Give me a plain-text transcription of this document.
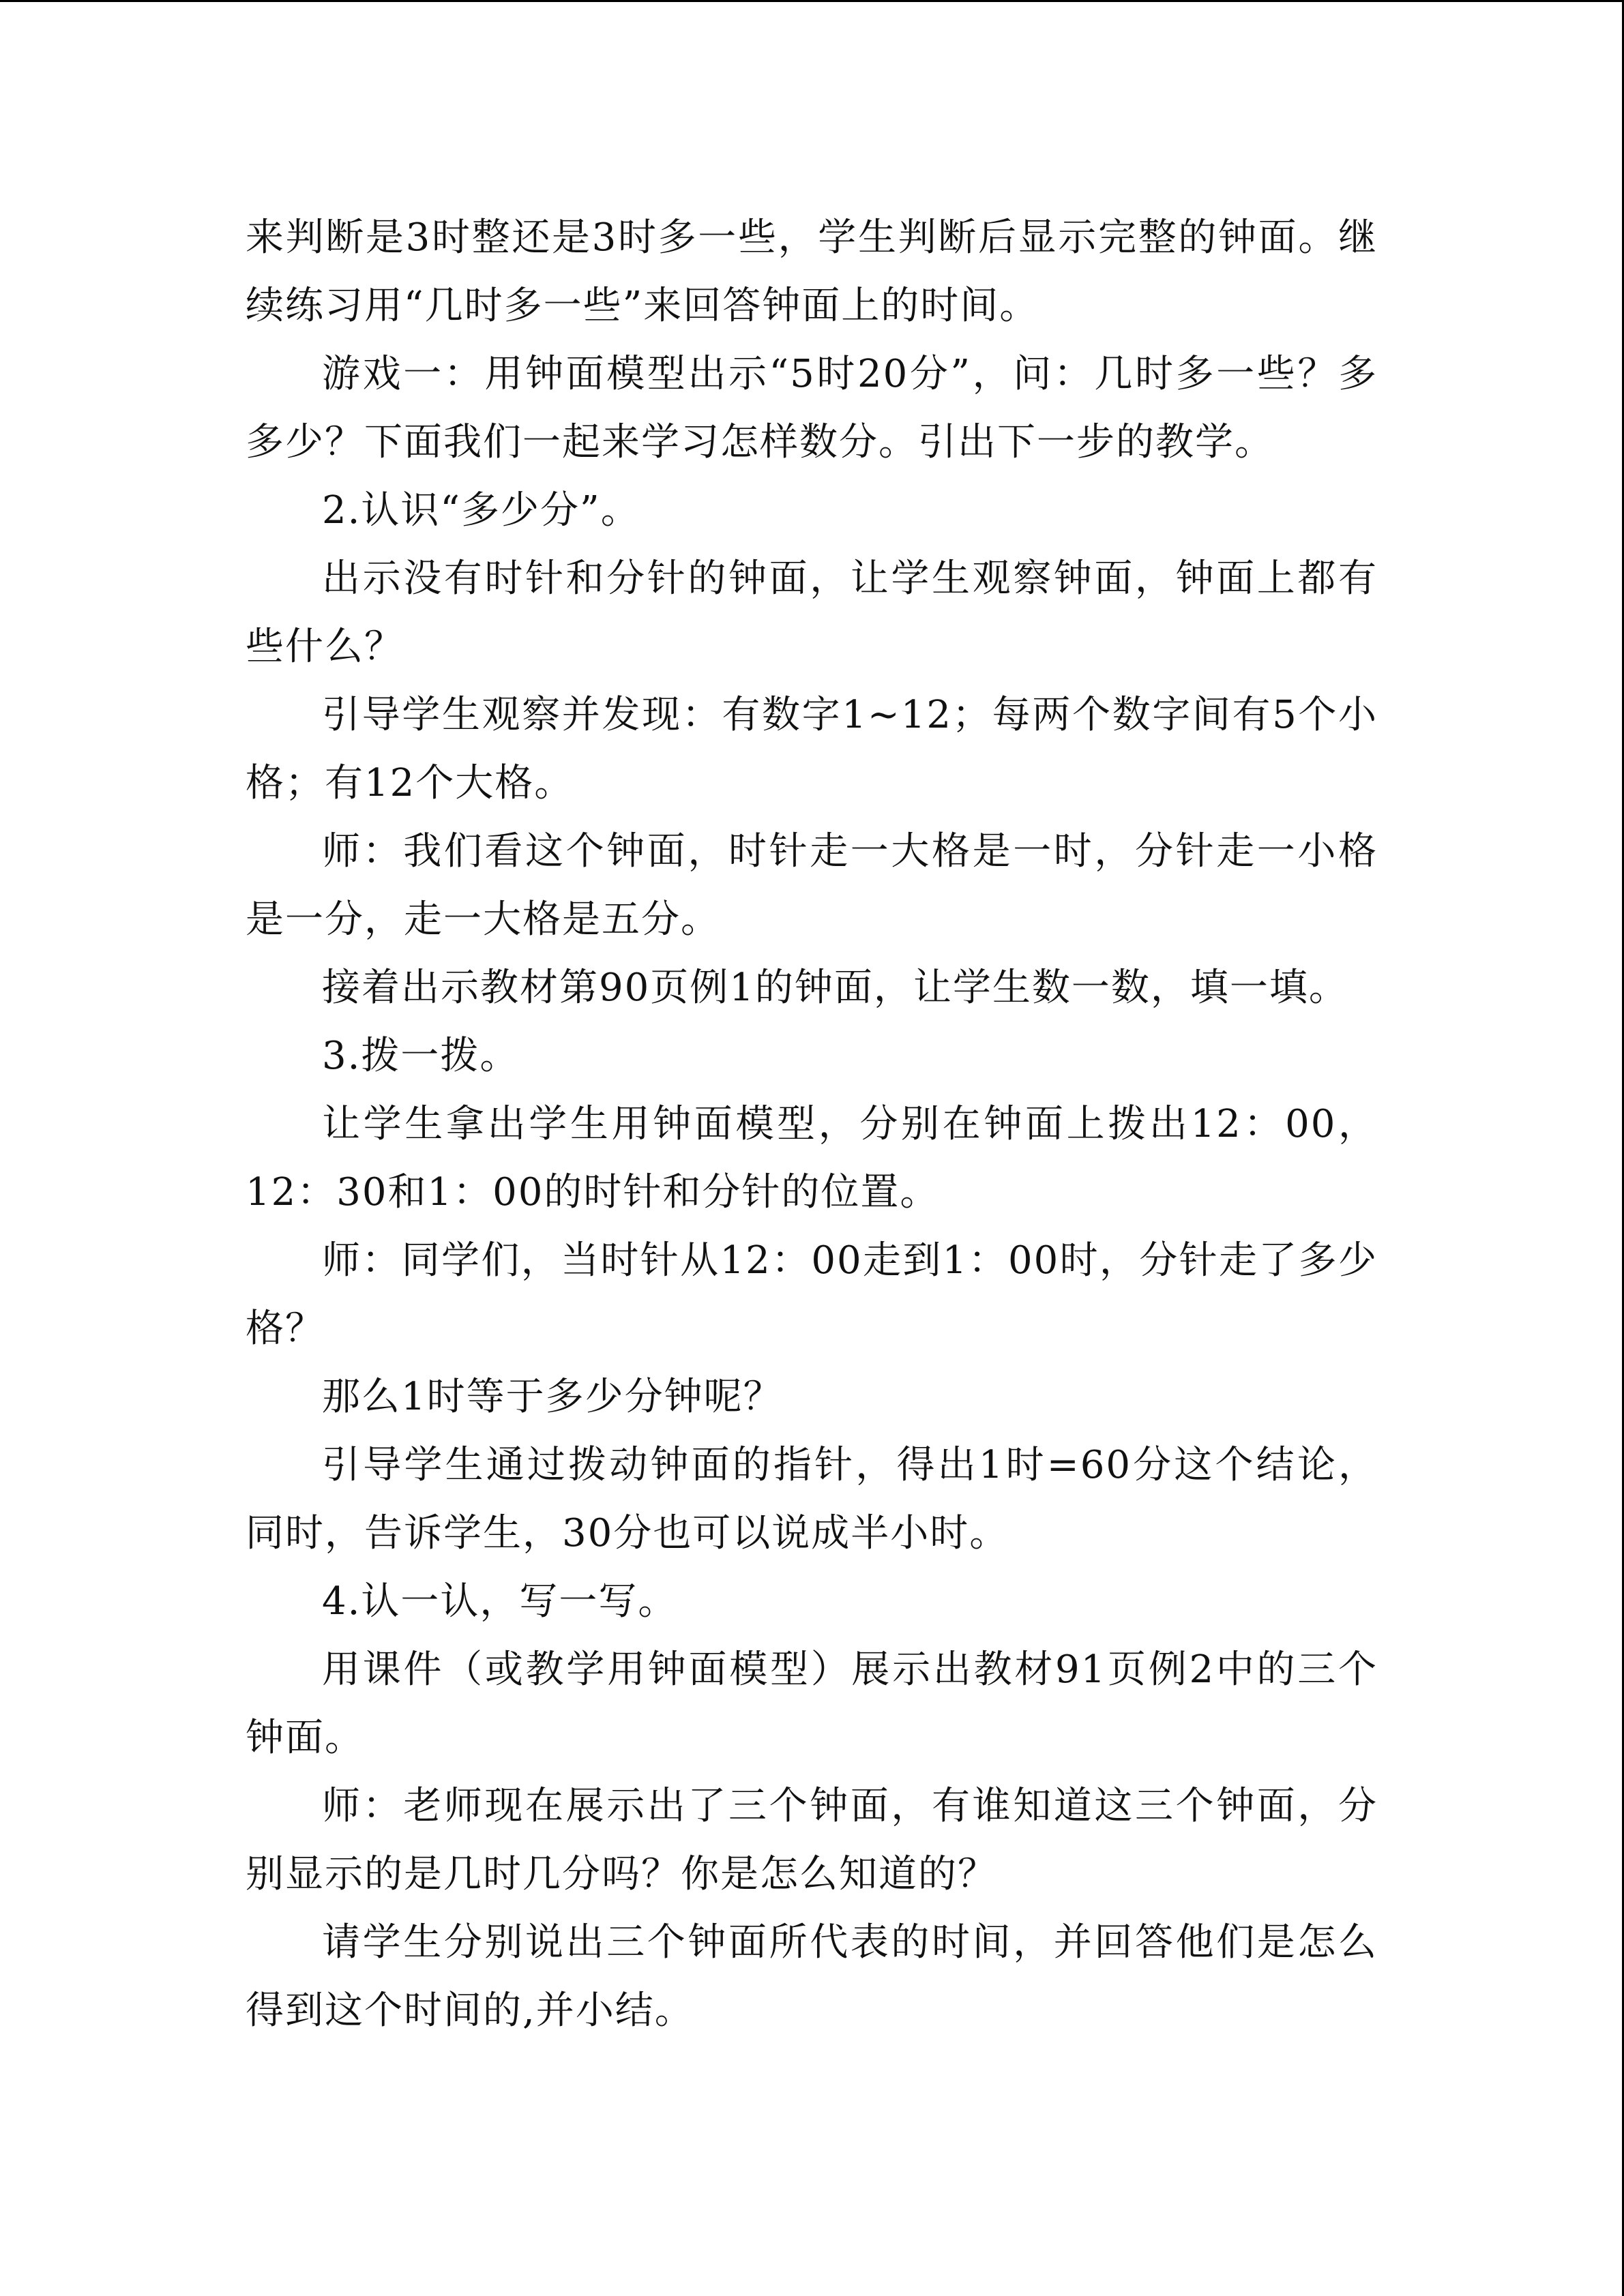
来判断是3时整还是3时多一些，学生判断后显示完整的钟面。继续练习用“几时多一些”来回答钟面上的时间。

游戏一：用钟面模型出示“5时20分”，问：几时多一些？多多少？下面我们一起来学习怎样数分。引出下一步的教学。

2.认识“多少分”。

出示没有时针和分针的钟面，让学生观察钟面，钟面上都有些什么？

引导学生观察并发现：有数字1~12；每两个数字间有5个小格；有12个大格。

师：我们看这个钟面，时针走一大格是一时，分针走一小格是一分，走一大格是五分。

接着出示教材第90页例1的钟面，让学生数一数，填一填。

3.拨一拨。

让学生拿出学生用钟面模型，分别在钟面上拨出12：00，12：30和1：00的时针和分针的位置。

师：同学们，当时针从12：00走到1：00时，分针走了多少格？

那么1时等于多少分钟呢？

引导学生通过拨动钟面的指针，得出1时=60分这个结论，同时，告诉学生，30分也可以说成半小时。

4.认一认，写一写。

用课件（或教学用钟面模型）展示出教材91页例2中的三个钟面。

师：老师现在展示出了三个钟面，有谁知道这三个钟面，分别显示的是几时几分吗？你是怎么知道的？

请学生分别说出三个钟面所代表的时间，并回答他们是怎么得到这个时间的,并小结。
